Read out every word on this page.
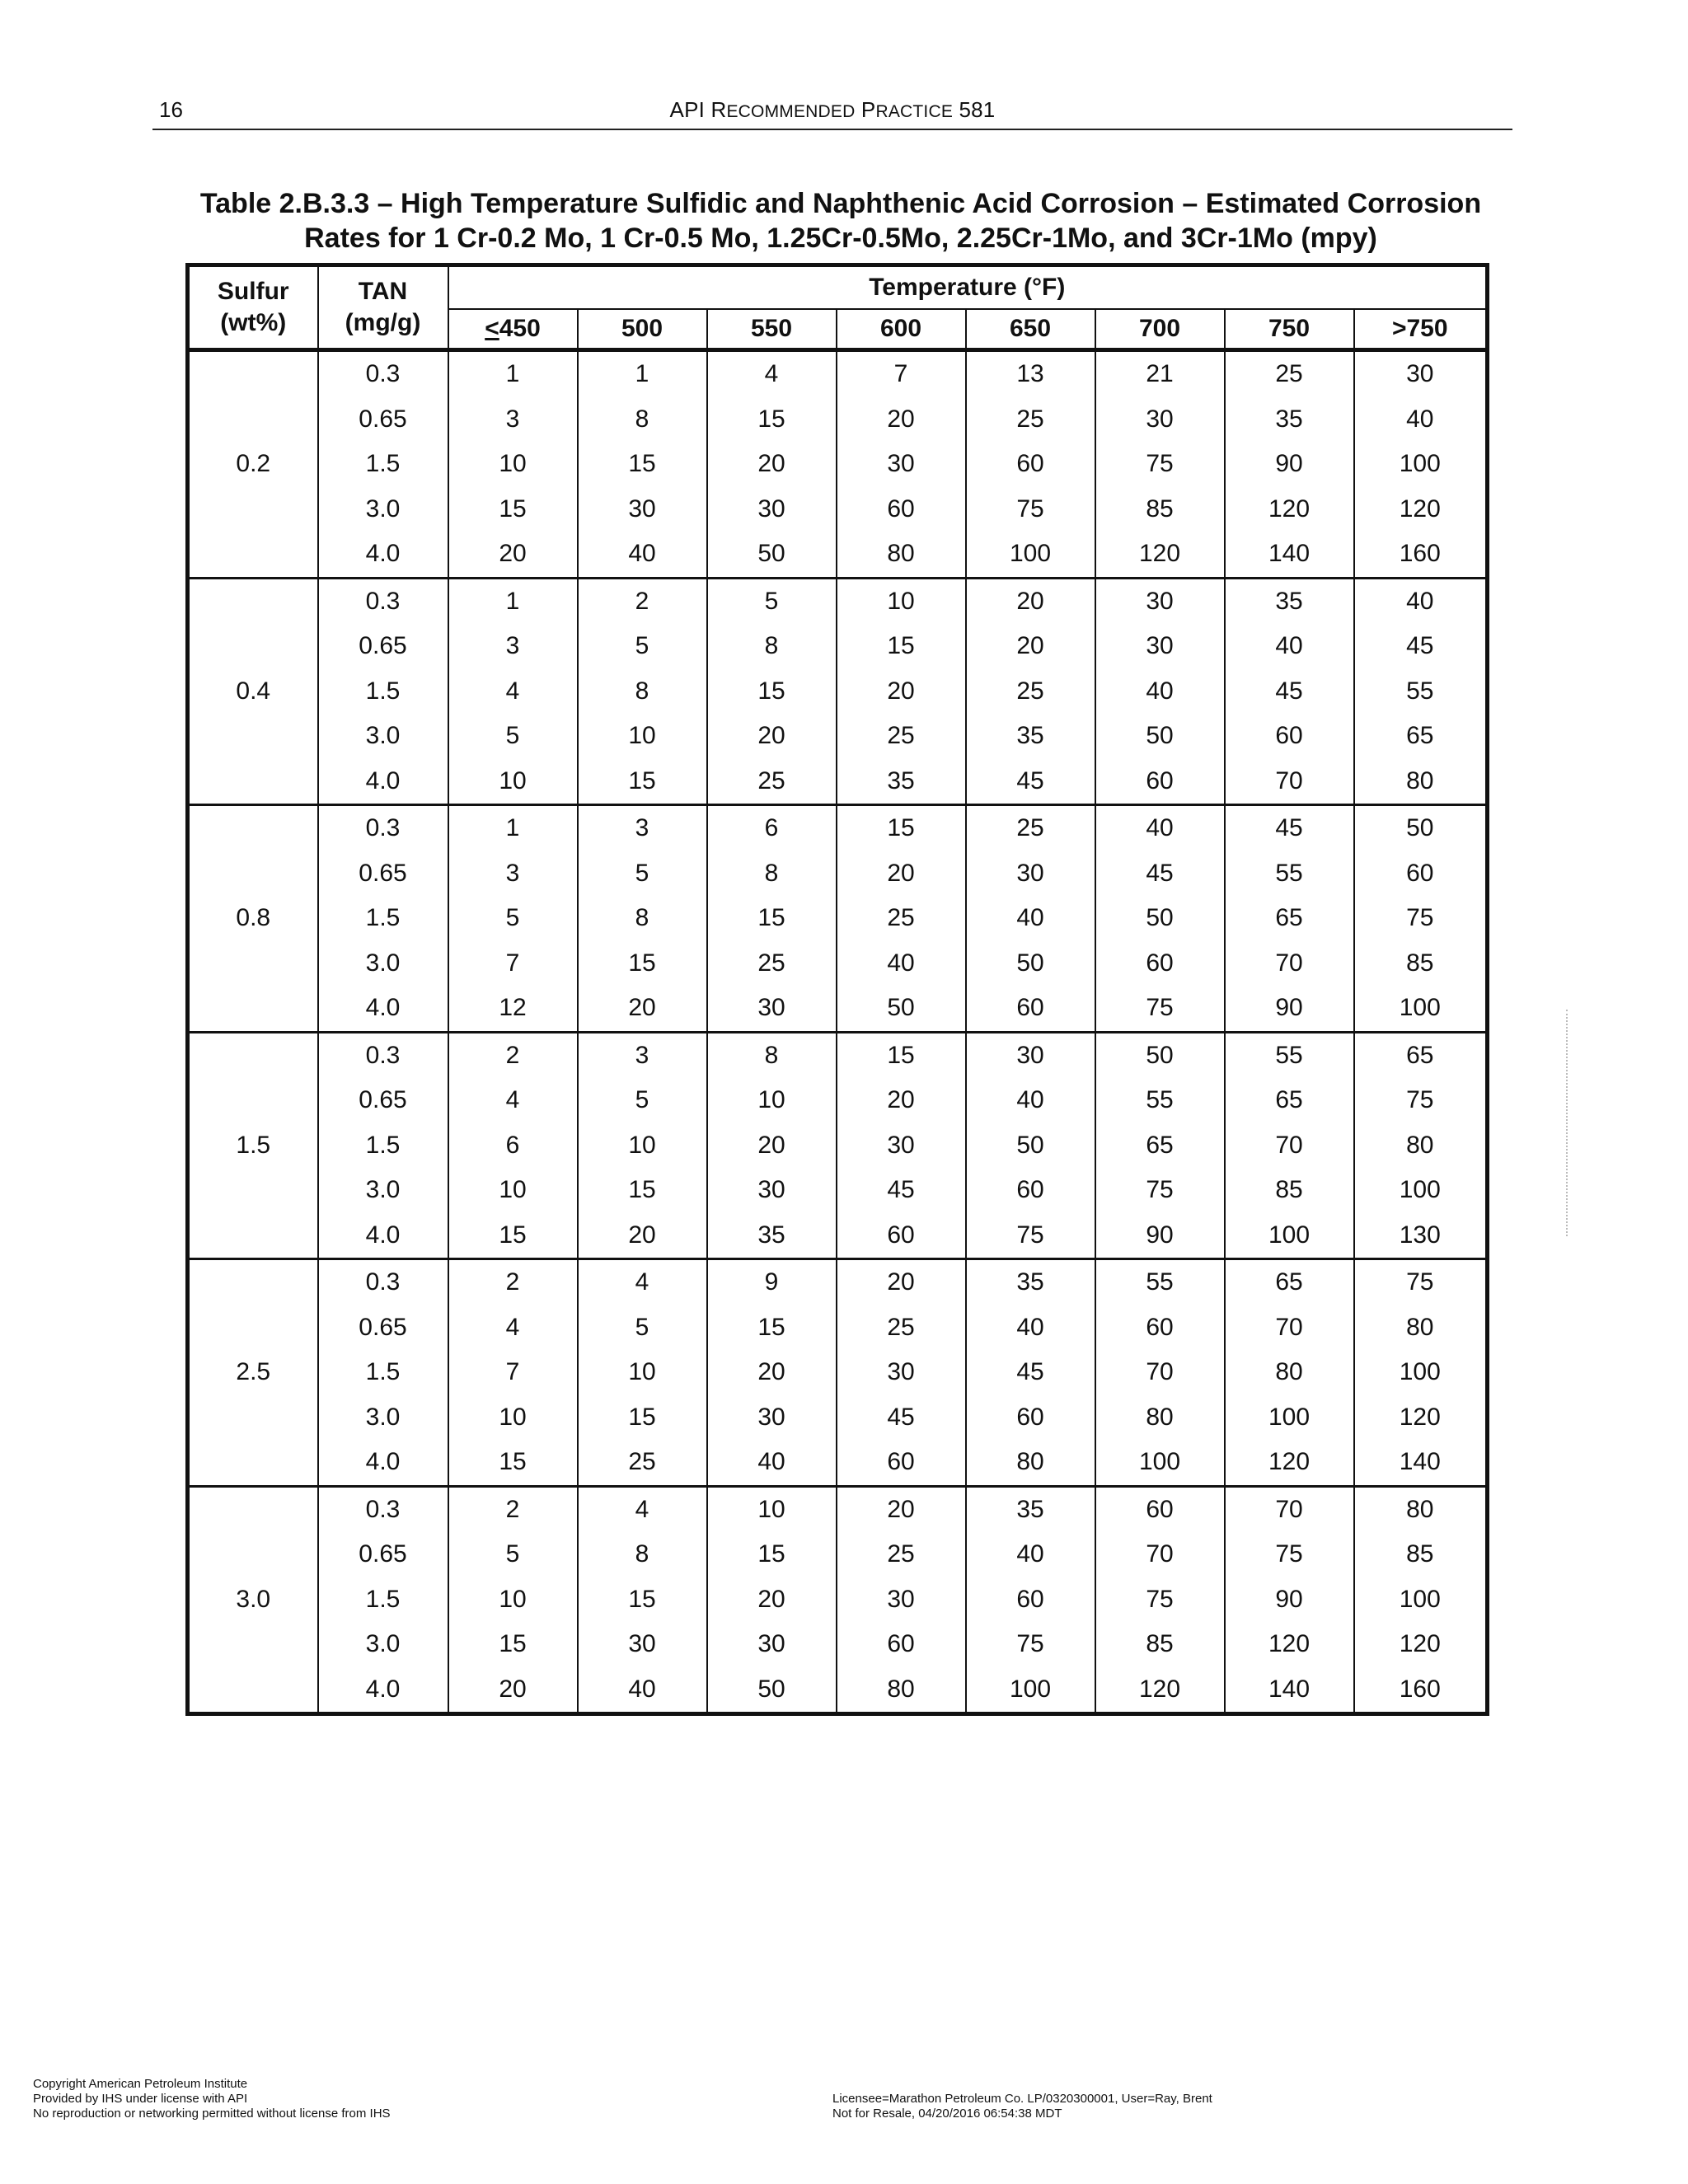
16	API RECOMMENDED PRACTICE 581
Table 2.B.3.3 – High Temperature Sulfidic and Naphthenic Acid Corrosion – Estimated Corrosion
Rates for 1 Cr-0.2 Mo, 1 Cr-0.5 Mo, 1.25Cr-0.5Mo, 2.25Cr-1Mo, and 3Cr-1Mo (mpy)
Sulfur
(wt%)	TAN
(mg/g)	Temperature (°F)							
		≤450	500	550	600	650	700	750	>750
0.2	0.3	1	1	4	7	13	21	25	30
	0.65	3	8	15	20	25	30	35	40
	1.5	10	15	20	30	60	75	90	100
	3.0	15	30	30	60	75	85	120	120
	4.0	20	40	50	80	100	120	140	160
0.4	0.3	1	2	5	10	20	30	35	40
	0.65	3	5	8	15	20	30	40	45
	1.5	4	8	15	20	25	40	45	55
	3.0	5	10	20	25	35	50	60	65
	4.0	10	15	25	35	45	60	70	80
0.8	0.3	1	3	6	15	25	40	45	50
	0.65	3	5	8	20	30	45	55	60
	1.5	5	8	15	25	40	50	65	75
	3.0	7	15	25	40	50	60	70	85
	4.0	12	20	30	50	60	75	90	100
1.5	0.3	2	3	8	15	30	50	55	65
	0.65	4	5	10	20	40	55	65	75
	1.5	6	10	20	30	50	65	70	80
	3.0	10	15	30	45	60	75	85	100
	4.0	15	20	35	60	75	90	100	130
2.5	0.3	2	4	9	20	35	55	65	75
	0.65	4	5	15	25	40	60	70	80
	1.5	7	10	20	30	45	70	80	100
	3.0	10	15	30	45	60	80	100	120
	4.0	15	25	40	60	80	100	120	140
3.0	0.3	2	4	10	20	35	60	70	80
	0.65	5	8	15	25	40	70	75	85
	1.5	10	15	20	30	60	75	90	100
	3.0	15	30	30	60	75	85	120	120
	4.0	20	40	50	80	100	120	140	160
Copyright American Petroleum Institute
Provided by IHS under license with API
No reproduction or networking permitted without license from IHS
Licensee=Marathon Petroleum Co. LP/0320300001, User=Ray, Brent
Not for Resale, 04/20/2016 06:54:38 MDT
